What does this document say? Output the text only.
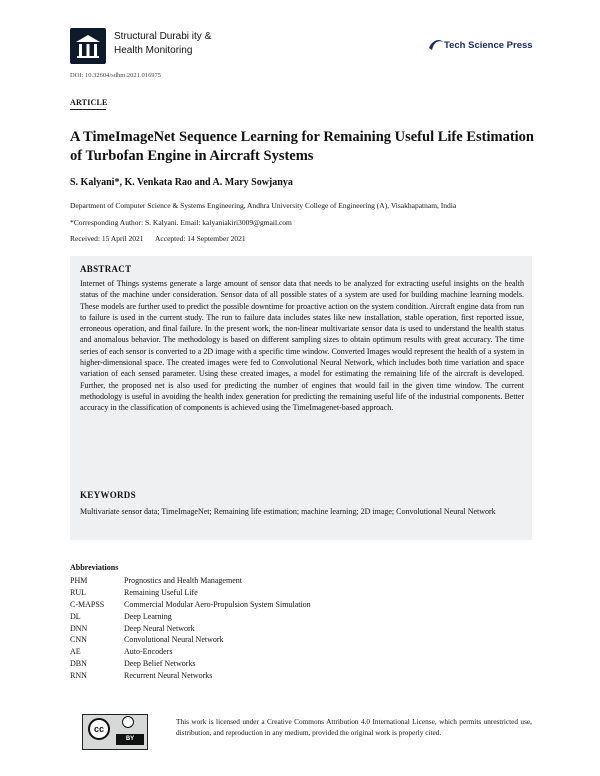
Structural Durabi ity &
Health Monitoring	Tech Science Press
DOI: 10.32604/sdhm.2021.016975
ARTICLE
A TimeImageNet Sequence Learning for Remaining Useful Life Estimation of Turbofan Engine in Aircraft Systems
S. Kalyani*, K. Venkata Rao and A. Mary Sowjanya
Department of Computer Science & Systems Engineering, Andhra University College of Engineering (A), Visakhapatnam, India
*Corresponding Author: S. Kalyani. Email: kalyaniakiri3009@gmail.com
Received: 15 April 2021 Accepted: 14 September 2021
ABSTRACT
Internet of Things systems generate a large amount of sensor data that needs to be analyzed for extracting useful insights on the health status of the machine under consideration. Sensor data of all possible states of a system are used for building machine learning models. These models are further used to predict the possible downtime for proactive action on the system condition. Aircraft engine data from run to failure is used in the current study. The run to failure data includes states like new installation, stable operation, first reported issue, erroneous operation, and final failure. In the present work, the non-linear multivariate sensor data is used to understand the health status and anomalous behavior. The methodology is based on different sampling sizes to obtain optimum results with great accuracy. The time series of each sensor is converted to a 2D image with a specific time window. Converted Images would represent the health of a system in higher-dimensional space. The created images were fed to Convolutional Neural Network, which includes both time variation and space variation of each sensed parameter. Using these created images, a model for estimating the remaining life of the aircraft is developed. Further, the proposed net is also used for predicting the number of engines that would fail in the given time window. The current methodology is useful in avoiding the health index generation for predicting the remaining useful life of the industrial components. Better accuracy in the classification of components is achieved using the TimeImagenet-based approach.
KEYWORDS
Multivariate sensor data; TimeImageNet; Remaining life estimation; machine learning; 2D image; Convolutional Neural Network
Abbreviations
PHM	Prognostics and Health Management
RUL	Remaining Useful Life
C-MAPSS	Commercial Modular Aero-Propulsion System Simulation
DL	Deep Learning
DNN	Deep Neural Network
CNN	Convolutional Neural Network
AE	Auto-Encoders
DBN	Deep Belief Networks
RNN	Recurrent Neural Networks
cc
BY
This work is licensed under a Creative Commons Attribution 4.0 International License, which permits unrestricted use, distribution, and reproduction in any medium, provided the original work is properly cited.
